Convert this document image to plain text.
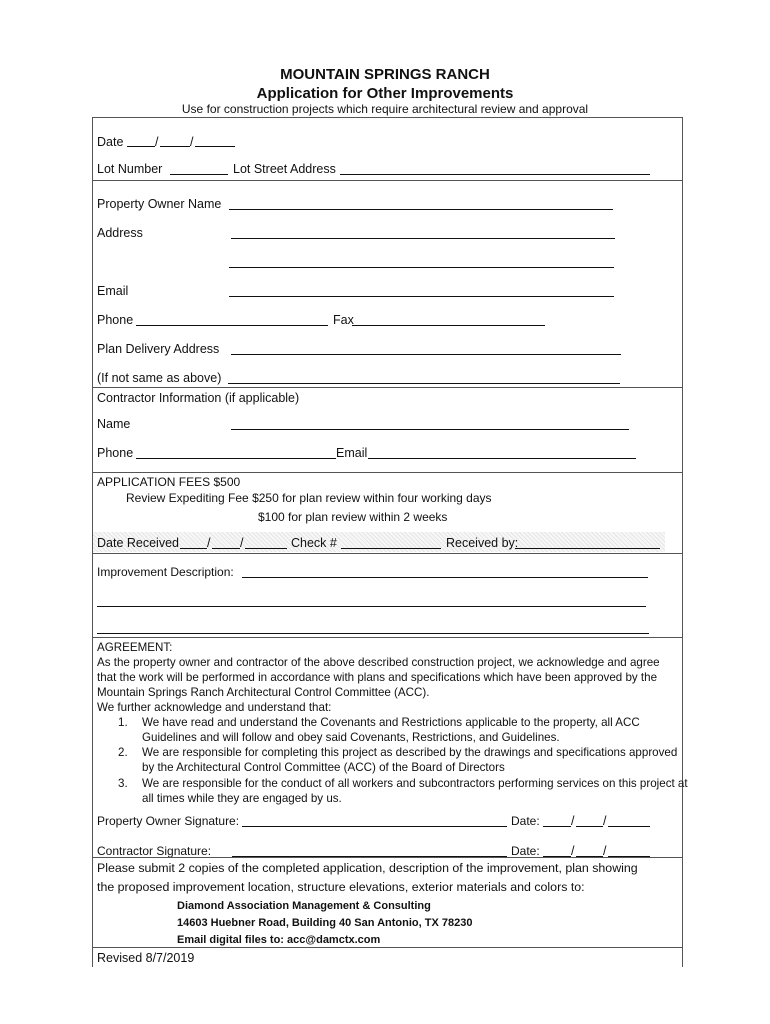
MOUNTAIN SPRINGS RANCH
Application for Other Improvements
Use for construction projects which require architectural review and approval
Date	/	/
Lot Number	Lot Street Address
Property Owner Name
Address
Email
Phone	Fax
Plan Delivery Address
(If not same as above)
Contractor Information (if applicable)
Name
Phone	Email
APPLICATION FEES $500
Review Expediting Fee $250 for plan review within four working days
$100 for plan review within 2 weeks
Date Received / /	Check #	Received by:
Improvement Description:
AGREEMENT:
As the property owner and contractor of the above described construction project, we acknowledge and agree that the work will be performed in accordance with plans and specifications which have been approved by the Mountain Springs Ranch Architectural Control Committee (ACC).
We further acknowledge and understand that:
1. We have read and understand the Covenants and Restrictions applicable to the property, all ACC Guidelines and will follow and obey said Covenants, Restrictions, and Guidelines.
2. We are responsible for completing this project as described by the drawings and specifications approved by the Architectural Control Committee (ACC) of the Board of Directors
3. We are responsible for the conduct of all workers and subcontractors performing services on this project at all times while they are engaged by us.
Property Owner Signature:	Date:	/ /
Contractor Signature:	Date:	/ /
Please submit 2 copies of the completed application, description of the improvement, plan showing
the proposed improvement location, structure elevations, exterior materials and colors to:
Diamond Association Management & Consulting
14603 Huebner Road, Building 40 San Antonio, TX 78230
Email digital files to: acc@damctx.com
Revised 8/7/2019
